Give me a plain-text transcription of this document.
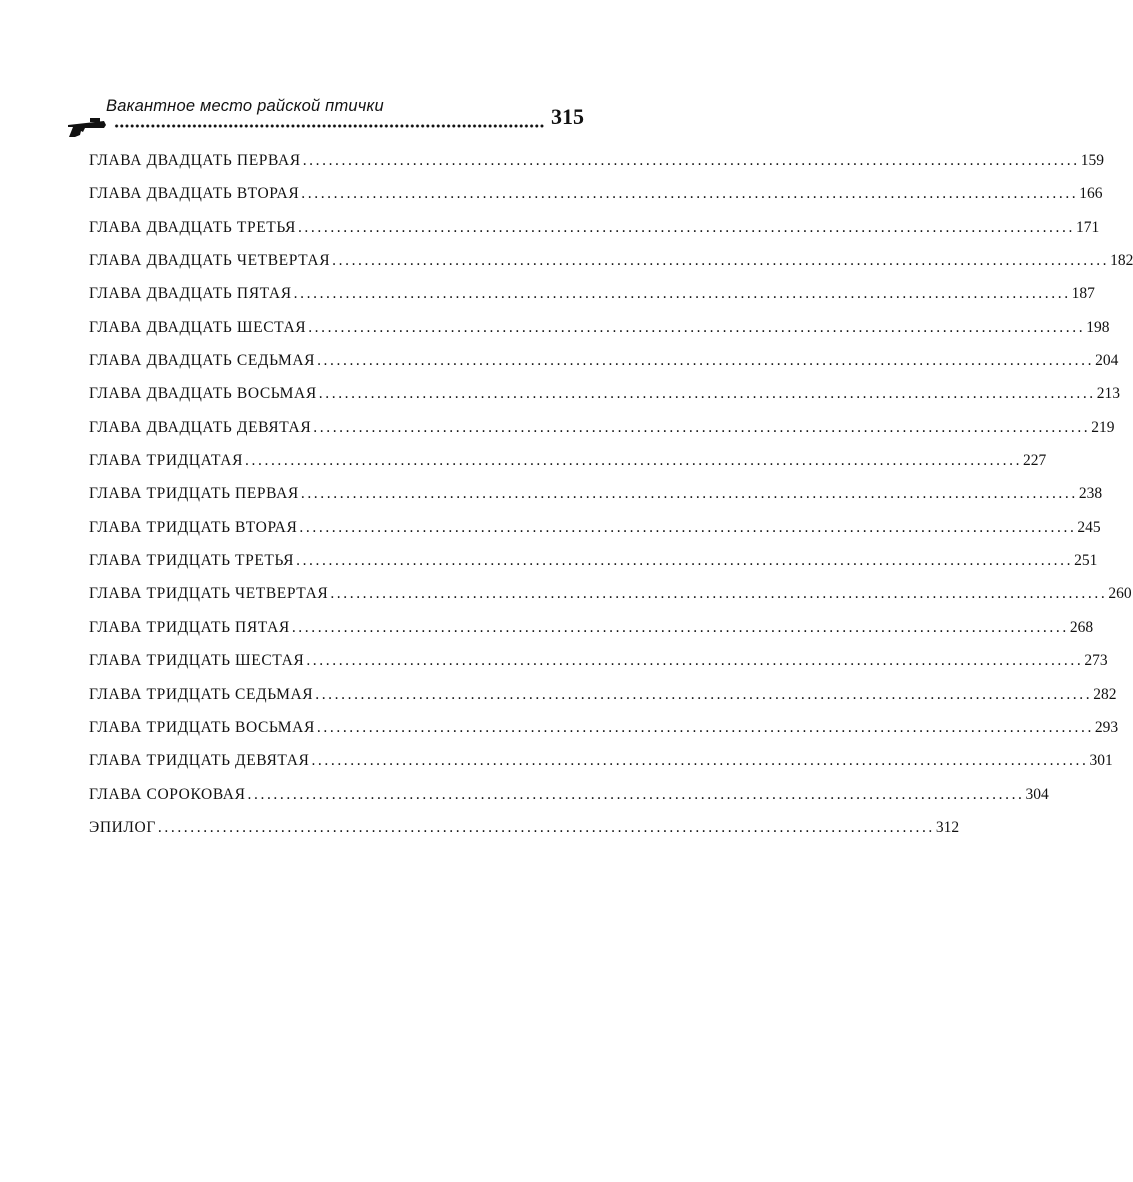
Вакантное место райской птички	315
ГЛАВА ДВАДЦАТЬ ПЕРВАЯ ........................................................................................................................ 159
ГЛАВА ДВАДЦАТЬ ВТОРАЯ ........................................................................................................................ 166
ГЛАВА ДВАДЦАТЬ ТРЕТЬЯ ........................................................................................................................ 171
ГЛАВА ДВАДЦАТЬ ЧЕТВЕРТАЯ ........................................................................................................................ 182
ГЛАВА ДВАДЦАТЬ ПЯТАЯ ........................................................................................................................ 187
ГЛАВА ДВАДЦАТЬ ШЕСТАЯ ........................................................................................................................ 198
ГЛАВА ДВАДЦАТЬ СЕДЬМАЯ ........................................................................................................................ 204
ГЛАВА ДВАДЦАТЬ ВОСЬМАЯ ........................................................................................................................ 213
ГЛАВА ДВАДЦАТЬ ДЕВЯТАЯ ........................................................................................................................ 219
ГЛАВА ТРИДЦАТАЯ ........................................................................................................................ 227
ГЛАВА ТРИДЦАТЬ ПЕРВАЯ ........................................................................................................................ 238
ГЛАВА ТРИДЦАТЬ ВТОРАЯ ........................................................................................................................ 245
ГЛАВА ТРИДЦАТЬ ТРЕТЬЯ ........................................................................................................................ 251
ГЛАВА ТРИДЦАТЬ ЧЕТВЕРТАЯ ........................................................................................................................ 260
ГЛАВА ТРИДЦАТЬ ПЯТАЯ ........................................................................................................................ 268
ГЛАВА ТРИДЦАТЬ ШЕСТАЯ ........................................................................................................................ 273
ГЛАВА ТРИДЦАТЬ СЕДЬМАЯ ........................................................................................................................ 282
ГЛАВА ТРИДЦАТЬ ВОСЬМАЯ ........................................................................................................................ 293
ГЛАВА ТРИДЦАТЬ ДЕВЯТАЯ ........................................................................................................................ 301
ГЛАВА СОРОКОВАЯ ........................................................................................................................ 304
ЭПИЛОГ ........................................................................................................................ 312
